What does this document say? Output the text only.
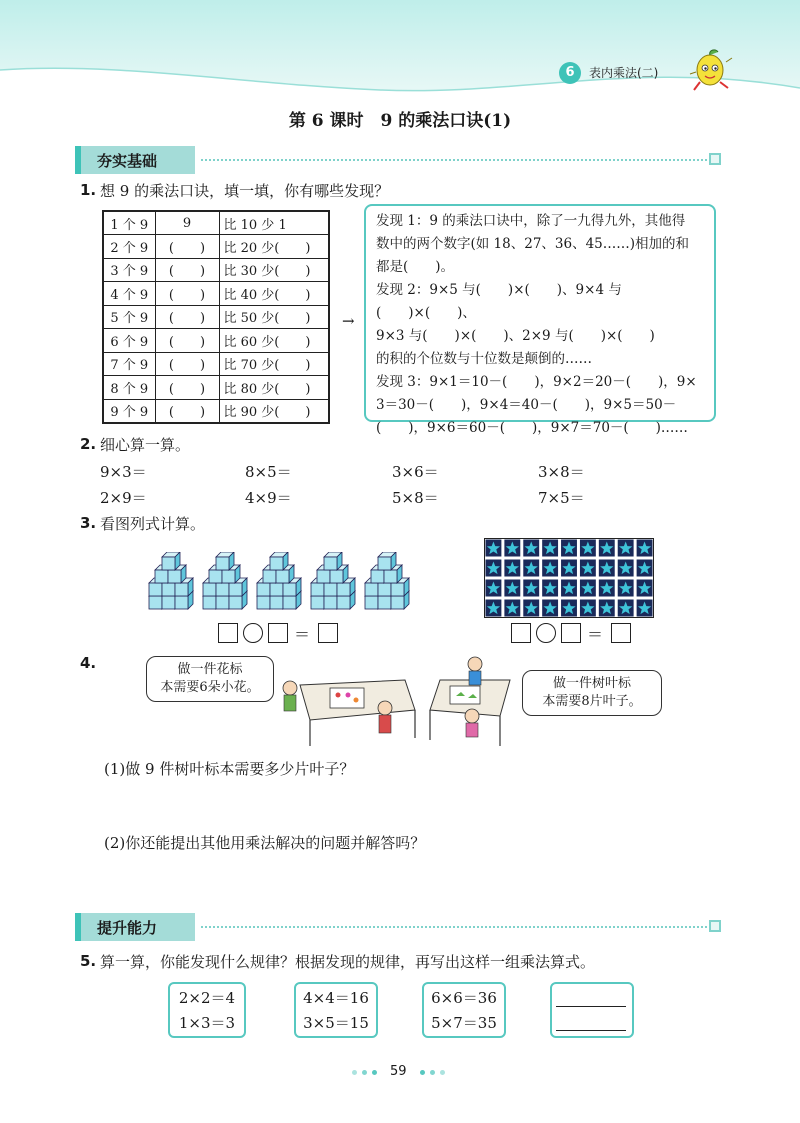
6	表内乘法(二)
第 6 课时　9 的乘法口诀(1)
夯实基础
1. 想 9 的乘法口诀，填一填，你有哪些发现？
1 个 9	9	比 10 少 1
2 个 9	(　　)	比 20 少(　　)
3 个 9	(　　)	比 30 少(　　)
4 个 9	(　　)	比 40 少(　　)
5 个 9	(　　)	比 50 少(　　)
6 个 9	(　　)	比 60 少(　　)
7 个 9	(　　)	比 70 少(　　)
8 个 9	(　　)	比 80 少(　　)
9 个 9	(　　)	比 90 少(　　)
→

发现 1：9 的乘法口诀中，除了一九得九外，其他得

数中的两个数字(如 18、27、36、45……)相加的和

都是(　　)。

发现 2：9×5 与(　　)×(　　)、9×4 与(　　)×(　　)、

9×3 与(　　)×(　　)、2×9 与(　　)×(　　)

的积的个位数与十位数是颠倒的……

发现 3：9×1＝10－(　　)，9×2＝20－(　　)，9×

3＝30－(　　)，9×4＝40－(　　)，9×5＝50－

(　　)，9×6＝60－(　　)，9×7＝70－(　　)……

2. 细心算一算。
9×3＝	8×5＝	3×6＝	3×8＝
2×9＝	4×9＝	5×8＝	7×5＝
3. 看图列式计算。
＝	＝
4.	做一件花标
本需要6朵小花。	做一件树叶标
本需要8片叶子。
(1)做 9 件树叶标本需要多少片叶子？
(2)你还能提出其他用乘法解决的问题并解答吗？
提升能力
5. 算一算，你能发现什么规律？根据发现的规律，再写出这样一组乘法算式。
2×2＝4
1×3＝3
4×4＝16
3×5＝15
6×6＝36
5×7＝35
59
